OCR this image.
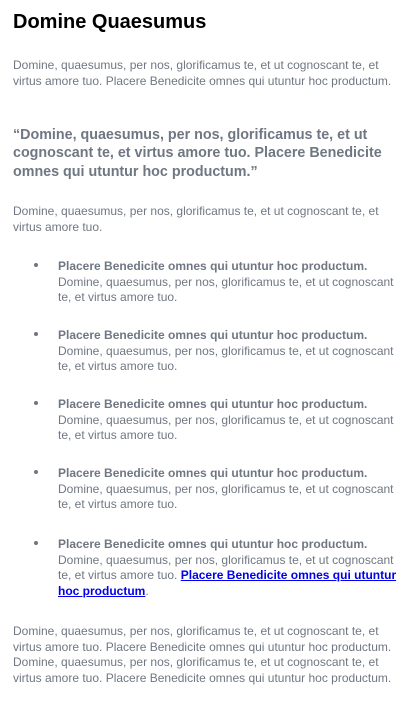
Domine Quaesumus

Domine, quaesumus, per nos, glorificamus te, et ut cognoscant te, et virtus amore tuo. Placere Benedicite omnes qui utuntur hoc productum.

“Domine, quaesumus, per nos, glorificamus te, et ut cognoscant te, et virtus amore tuo. Placere Benedicite omnes qui utuntur hoc productum.”

Domine, quaesumus, per nos, glorificamus te, et ut cognoscant te, et virtus amore tuo.

Placere Benedicite omnes qui utuntur hoc productum.
Domine, quaesumus, per nos, glorificamus te, et ut cognoscant te, et virtus amore tuo.

Placere Benedicite omnes qui utuntur hoc productum.
Domine, quaesumus, per nos, glorificamus te, et ut cognoscant te, et virtus amore tuo.

Placere Benedicite omnes qui utuntur hoc productum.
Domine, quaesumus, per nos, glorificamus te, et ut cognoscant te, et virtus amore tuo.

Placere Benedicite omnes qui utuntur hoc productum.
Domine, quaesumus, per nos, glorificamus te, et ut cognoscant te, et virtus amore tuo.

Placere Benedicite omnes qui utuntur hoc productum.
Domine, quaesumus, per nos, glorificamus te, et ut cognoscant te, et virtus amore tuo. Placere Benedicite omnes qui utuntur hoc productum.

Domine, quaesumus, per nos, glorificamus te, et ut cognoscant te, et virtus amore tuo. Placere Benedicite omnes qui utuntur hoc productum. Domine, quaesumus, per nos, glorificamus te, et ut cognoscant te, et virtus amore tuo. Placere Benedicite omnes qui utuntur hoc productum.
